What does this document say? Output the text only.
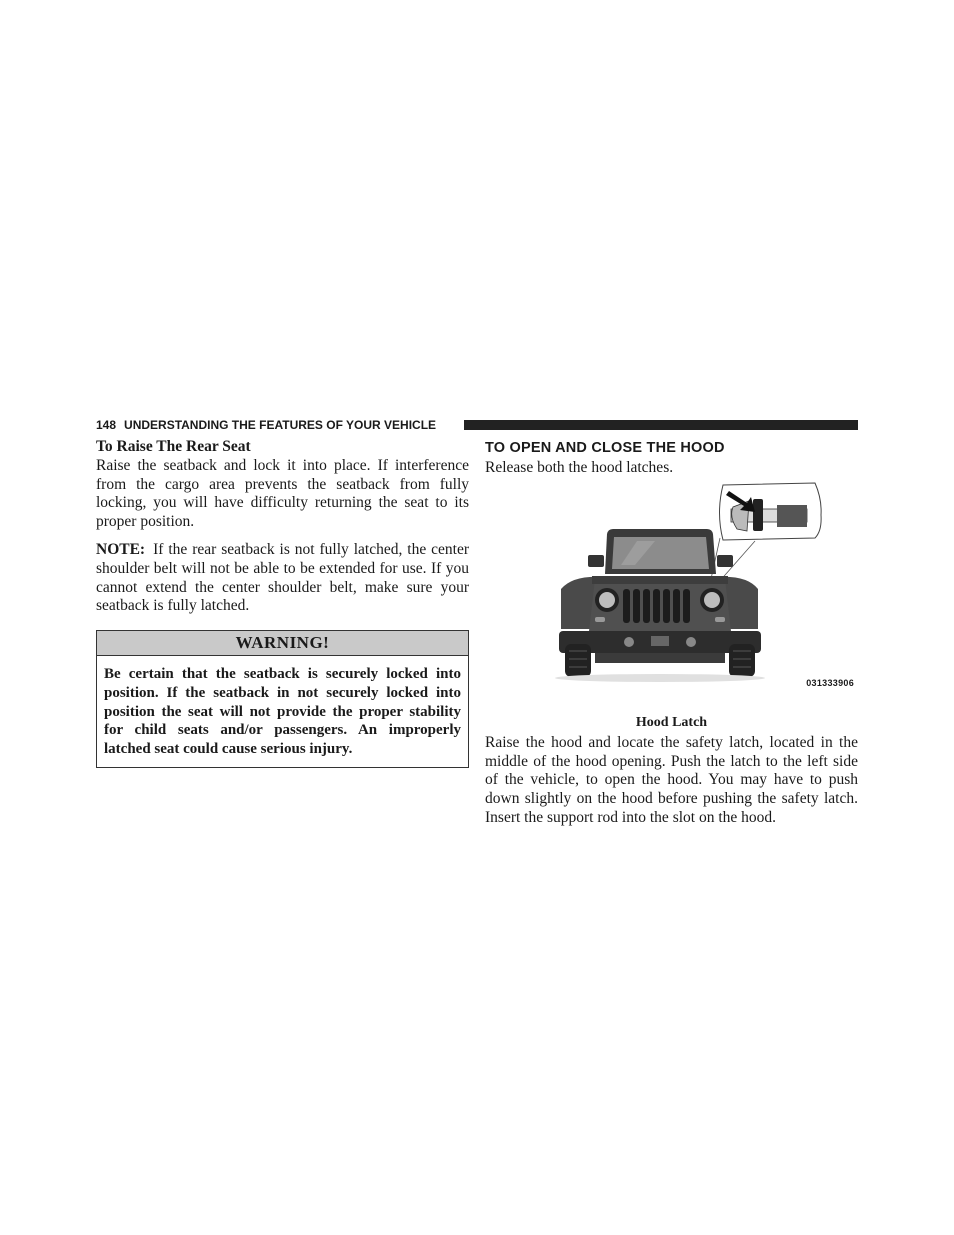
148 UNDERSTANDING THE FEATURES OF YOUR VEHICLE

To Raise The Rear Seat

Raise the seatback and lock it into place. If interference from the cargo area prevents the seatback from fully locking, you will have difficulty returning the seat to its proper position.

NOTE: If the rear seatback is not fully latched, the center shoulder belt will not be able to be extended for use. If you cannot extend the center shoulder belt, make sure your seatback is fully latched.

WARNING!
Be certain that the seatback is securely locked into position. If the seatback in not securely locked into position the seat will not provide the proper stability for child seats and/or passengers. An improperly latched seat could cause serious injury.

TO OPEN AND CLOSE THE HOOD

Release both the hood latches.

031333906

Hood Latch

Raise the hood and locate the safety latch, located in the middle of the hood opening. Push the latch to the left side of the vehicle, to open the hood. You may have to push down slightly on the hood before pushing the safety latch. Insert the support rod into the slot on the hood.
